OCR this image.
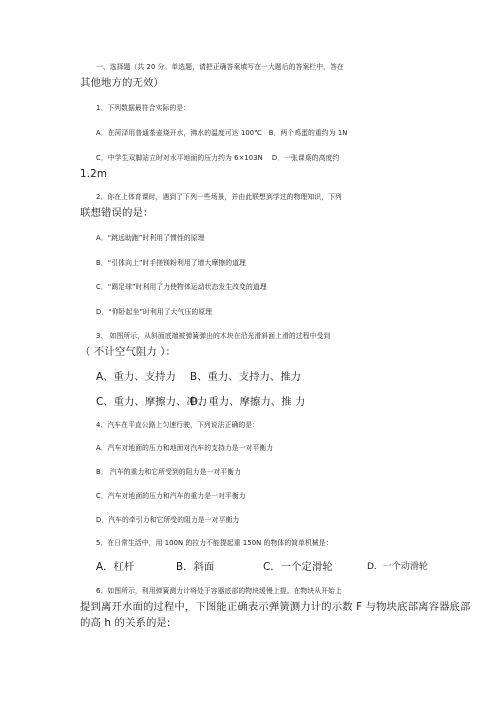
一、选择题（共 20 分。单选题，请把正确答案填写在一大题后的答案栏中，答在
其他地方的无效）
1、下列数据最符合实际的是：
A．在菏泽用普通茶壶烧开水，沸水的温度可达 100℃   B．两个鸡蛋的重约为 1N
C．中学生双脚站立时对水平地面的压力约为 6×103N    D．一张课桌的高度约
1.2m
2、你在上体育课时，遇到了下列一些场景，并由此联想到学过的物理知识，下列
联想错误的是：
A．“跳远助跑”时利用了惯性的原理
B．“引体向上”时手搓镁粉利用了增大摩擦的道理
C．“踢足球”时利用了力使物体运动状态发生改变的道理
D．“仰卧起坐”时利用了大气压的原理
3、 如图所示，从斜面底端被弹簧弹出的木块在沿光滑斜面上滑的过程中受到
（ 不计空气阻力 ）：

A、重力、支持力

B、重力、支持力、推力

C、重力、摩擦力、冲力

D、重力、摩擦力、推 力

4、汽车在平直公路上匀速行驶，下列说法正确的是:
A．汽车对地面的压力和地面对汽车的支持力是一对平衡力
B． 汽车的重力和它所受到的阻力是一对平衡力
C．汽车对地面的压力和汽车的重力是一对平衡力
D．汽车的牵引力和它所受的阻力是一对平衡力
5、在日常生活中，用 100N 的拉力不能提起重 150N 的物体的简单机械是：

A．杠杆

	B．斜面

	C．一个定滑轮

	D．一个动滑轮

6、如图所示，利用弹簧测力计将处于容器底部的物块缓慢上提。在物块从开始上
提到离开水面的过程中，下图能正确表示弹簧测力计的示数 F 与物块底部离容器底部
的高 h 的关系的是:
